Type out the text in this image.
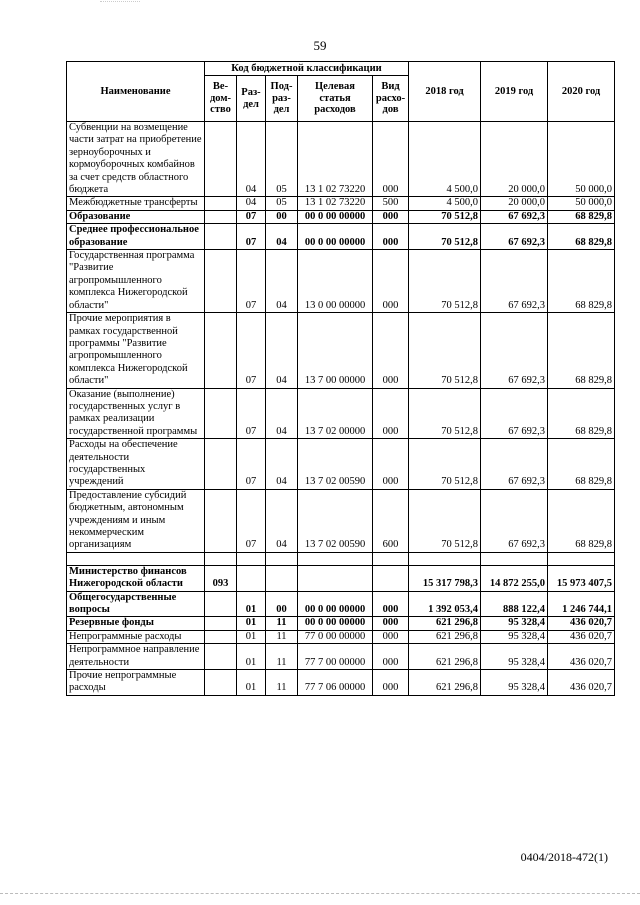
59
Наименование	Код бюджетной классификации					2018 год	2019 год	2020 год
	Ве-дом-ство	Раз-дел	Под-раз-дел	Целевая статья расходов	Вид расхо-дов			
Субвенции на возмещение части затрат на приобретение зерноуборочных и кормоуборочных комбайнов за счет средств областного бюджета		04	05	13 1 02 73220	000	4 500,0	20 000,0	50 000,0
Межбюджетные трансферты		04	05	13 1 02 73220	500	4 500,0	20 000,0	50 000,0
Образование		07	00	00 0 00 00000	000	70 512,8	67 692,3	68 829,8
Среднее профессиональное образование		07	04	00 0 00 00000	000	70 512,8	67 692,3	68 829,8
Государственная программа "Развитие агропромышленного комплекса Нижегородской области"		07	04	13 0 00 00000	000	70 512,8	67 692,3	68 829,8
Прочие мероприятия в рамках государственной программы "Развитие агропромышленного комплекса Нижегородской области"		07	04	13 7 00 00000	000	70 512,8	67 692,3	68 829,8
Оказание (выполнение) государственных услуг в рамках реализации государственной программы		07	04	13 7 02 00000	000	70 512,8	67 692,3	68 829,8
Расходы на обеспечение деятельности государственных учреждений		07	04	13 7 02 00590	000	70 512,8	67 692,3	68 829,8
Предоставление субсидий бюджетным, автономным учреждениям и иным некоммерческим организациям		07	04	13 7 02 00590	600	70 512,8	67 692,3	68 829,8

Министерство финансов Нижегородской области	093					15 317 798,3	14 872 255,0	15 973 407,5
Общегосударственные вопросы		01	00	00 0 00 00000	000	1 392 053,4	888 122,4	1 246 744,1
Резервные фонды		01	11	00 0 00 00000	000	621 296,8	95 328,4	436 020,7
Непрограммные расходы		01	11	77 0 00 00000	000	621 296,8	95 328,4	436 020,7
Непрограммное направление деятельности		01	11	77 7 00 00000	000	621 296,8	95 328,4	436 020,7
Прочие непрограммные расходы		01	11	77 7 06 00000	000	621 296,8	95 328,4	436 020,7
0404/2018-472(1)
